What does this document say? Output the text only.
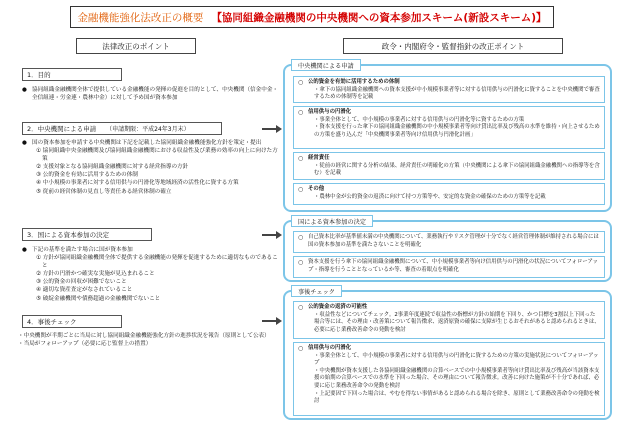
金融機能強化法改正の概要 【協同組織金融機関の中央機関への資本参加スキーム(新設スキーム)】
法律改正のポイント	政令・内閣府令・監督指針の改正ポイント
1．目的
● 協同組織金融機関全体で提供している金融機能の発揮の促進を目的として、中央機関（信金中金・全信組連・労金連・農林中金）に対して予め国が資本参加
2．中央機関による申請 （申請期限：平成24年3月末）
● 国の資本参加を申請する中央機関は下記を記載した協同組織金融機能強化方針を策定・提出
① 協同組織中央金融機関及び協同組織金融機関における収益性及び業務の効率の向上に向けた方策
② 支援対象となる協同組織金融機関に対する経営指導の方針
③ 公的資金を有効に活用するための体制
④ 中小規模の事業者に対する信用供与の円滑化等地域経済の活性化に資する方策
⑤ 従前の経営体制の見直し等責任ある経営体制の確立
3．国による資本参加の決定
● 下記の基準を満たす場合に国が資本参加
① 方針が協同組織金融機関全体で提供する金融機能の発揮を促進するために適切なものであること
② 方針の円滑かつ確実な実施が見込まれること
③ 公的資金の回収が困難でないこと
④ 適切な資産査定がなされていること
⑤ 破綻金融機関や債務超過の金融機関でないこと
4．事後チェック
・中央機関が半期ごとに当局に対し協同組織金融機能強化方針の進捗状況を報告（原則として公表）
・当局がフォローアップ（必要に応じ監督上の措置）
中央機関による申請
○ 公的資金を有効に活用するための体制
・傘下の協同組織金融機関への資本支援が中小規模事業者等に対する信用供与の円滑化に資することを中央機関で審査するための体制等を記載
○ 信用供与の円滑化
・事業全体として、中小規模の事業者に対する信用供与の円滑化等に資するための方策
・資本支援を行った傘下の協同組織金融機関の中小規模事業者等向け貸出比率及び残高の水準を維持・向上させるための方策を盛り込んだ「中央機関事業者等向け信用供与円滑化計画」
○ 経営責任
・従前の経営に関する分析の結果、経営責任の明確化の方策（中央機関による傘下の協同組織金融機関への指導等を含む）を記載
○ その他
・農林中金が公的資金の返済に向けて持つ方策等や、安定的な資金の確保のための方策等を記載
国による資本参加の決定
○ 自己資本比率が基準値未満の中央機関について、業務執行やリスク管理が十分でなく経営管理体制が維持される場合には国の資本参加の基準を満たさないことを明確化
○ 資本支援を行う傘下の協同組織金融機関について、中小規模事業者等向け信用供与の円滑化の状況についてフォローアップ・指導を行うこととなっているか等、審査の着眼点を明確化
事後チェック
○ 公的資金の返済の可能性
・収益性などについてチェック。2事業年度連続で収益性の指標が方針の始期を下回り、かつ目標を3割以上下回った場合等には、その理由・改善策について報告徴求、返済原資の確保に支障が生じるおそれがあると認められるときは、必要に応じ業務改善命令の発動を検討
○ 信用供与の円滑化
・事業全体として、中小規模の事業者に対する信用供与の円滑化に資するための方策の実施状況についてフォローアップ
・中央機関が資本支援した各協同組織金融機関の合算ベースでの中小規模事業者等向け貸出比率及び残高が当該資本支援の始期の合算ベースでの水準を下回った場合、その理由について報告徴求。改善に向けた施策が不十分であれば、必要に応じ業務改善命令の発動を検討
・上記要因で下回った場合は、やむを得ない事情があると認められる場合を除き、原則として業務改善命令の発動を検討
